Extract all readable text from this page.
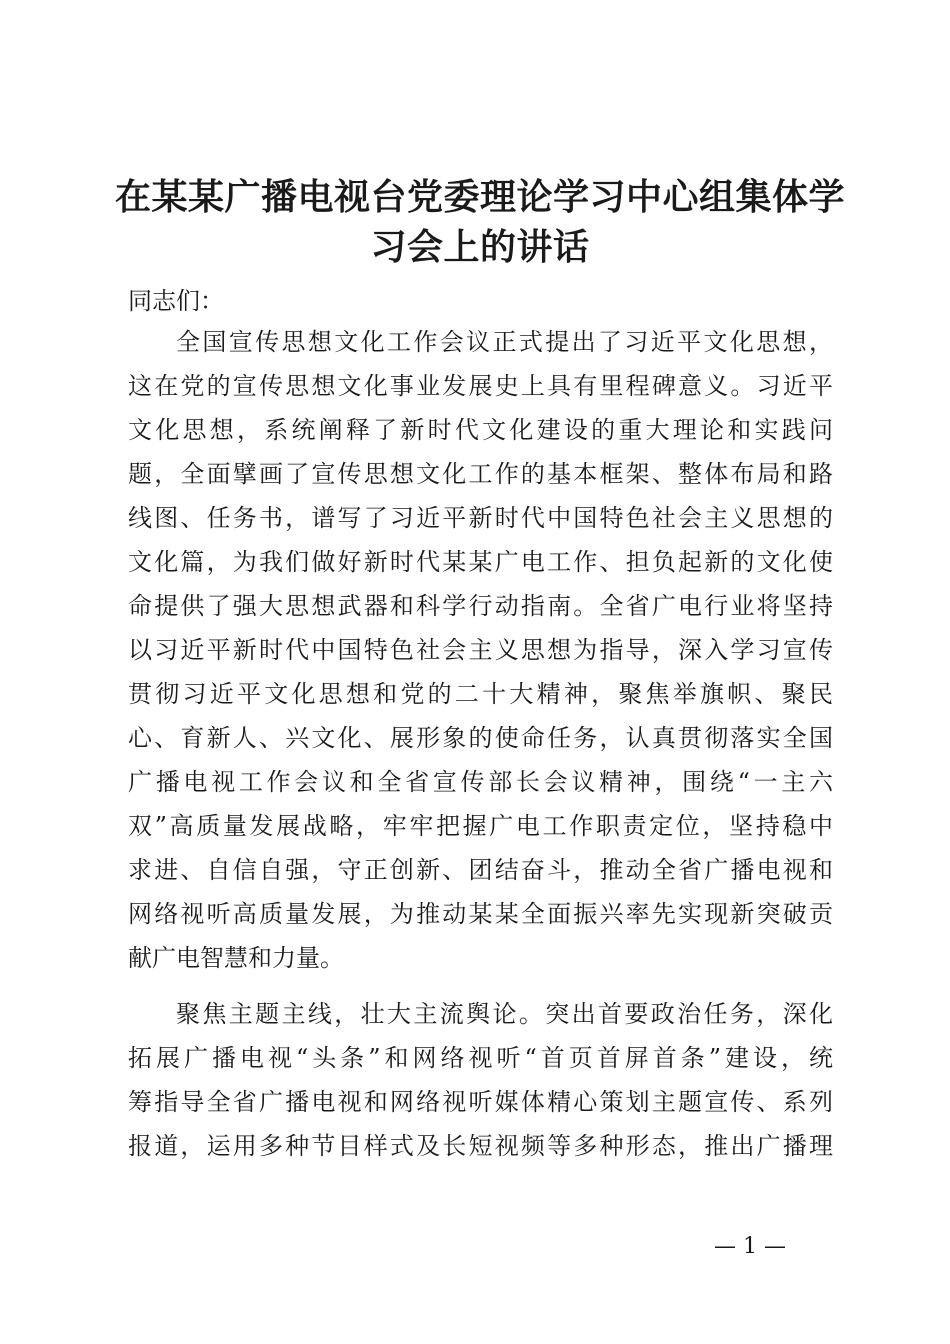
在某某广播电视台党委理论学习中心组集体学
习会上的讲话

同志们：

全国宣传思想文化工作会议正式提出了习近平文化思想，
这在党的宣传思想文化事业发展史上具有里程碑意义。习近平
文化思想，系统阐释了新时代文化建设的重大理论和实践问
题，全面擘画了宣传思想文化工作的基本框架、整体布局和路
线图、任务书，谱写了习近平新时代中国特色社会主义思想的
文化篇，为我们做好新时代某某广电工作、担负起新的文化使
命提供了强大思想武器和科学行动指南。全省广电行业将坚持
以习近平新时代中国特色社会主义思想为指导，深入学习宣传
贯彻习近平文化思想和党的二十大精神，聚焦举旗帜、聚民
心、育新人、兴文化、展形象的使命任务，认真贯彻落实全国
广播电视工作会议和全省宣传部长会议精神，围绕“一主六
双”高质量发展战略，牢牢把握广电工作职责定位，坚持稳中
求进、自信自强，守正创新、团结奋斗，推动全省广播电视和
网络视听高质量发展，为推动某某全面振兴率先实现新突破贡
献广电智慧和力量。
聚焦主题主线，壮大主流舆论。突出首要政治任务，深化
拓展广播电视“头条”和网络视听“首页首屏首条”建设，统
筹指导全省广播电视和网络视听媒体精心策划主题宣传、系列
报道，运用多种节目样式及长短视频等多种形态，推出广播理
— 1 —
